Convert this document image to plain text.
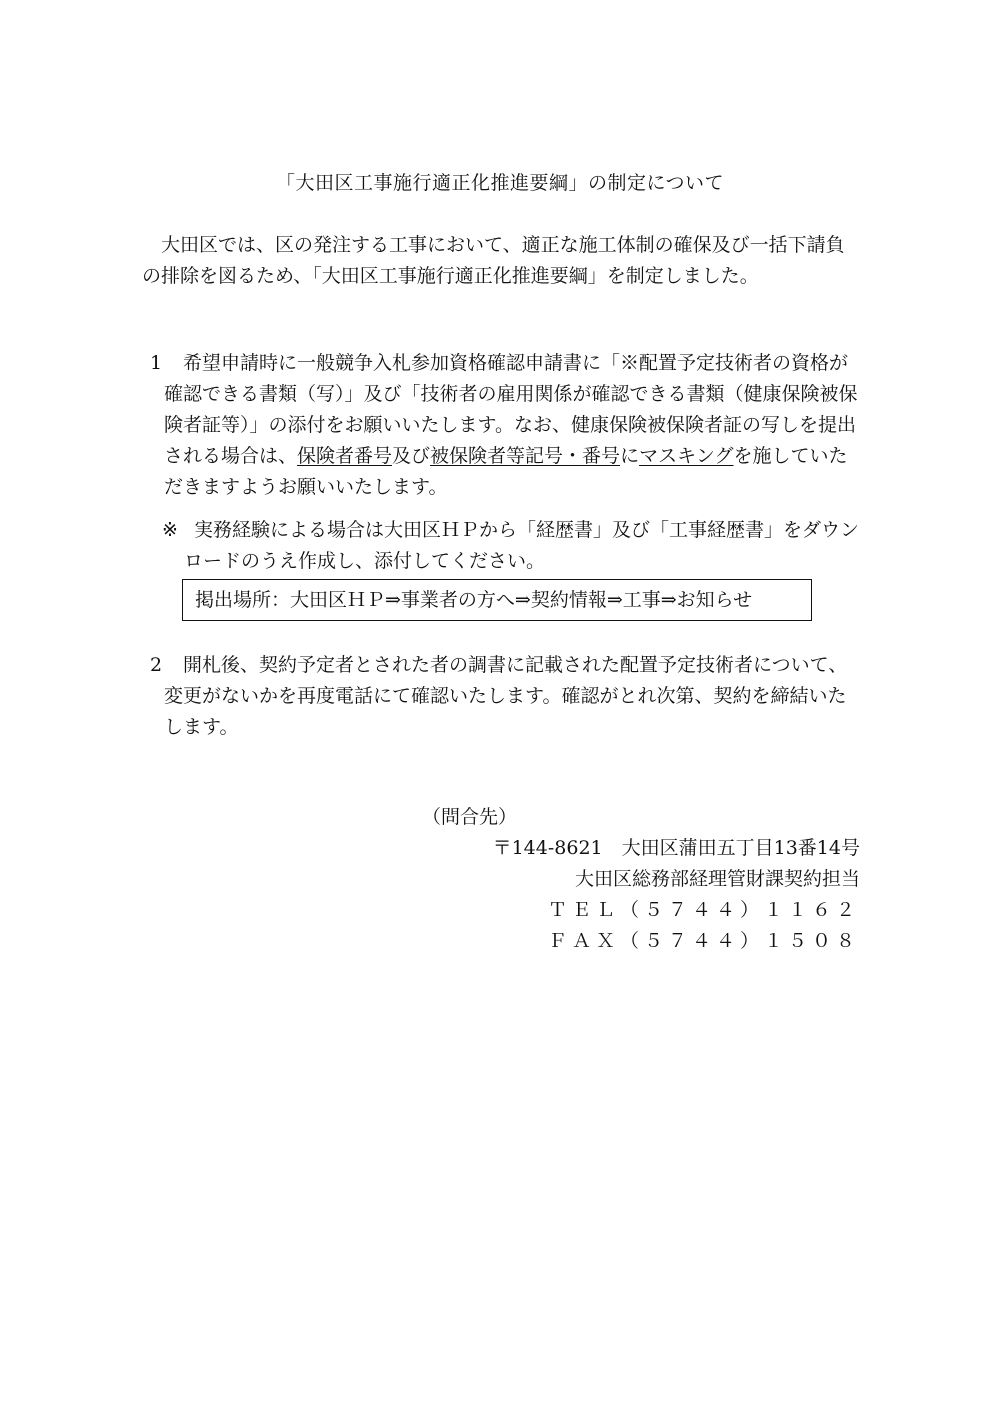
「大田区工事施行適正化推進要綱」の制定について

大田区では、区の発注する工事において、適正な施工体制の確保及び一括下請負の排除を図るため、「大田区工事施行適正化推進要綱」を制定しました。

1	希望申請時に一般競争入札参加資格確認申請書に「※配置予定技術者の資格が確認できる書類（写）」及び「技術者の雇用関係が確認できる書類（健康保険被保険者証等）」の添付をお願いいたします。なお、健康保険被保険者証の写しを提出される場合は、保険者番号及び被保険者等記号・番号にマスキングを施していただきますようお願いいたします。
※ 実務経験による場合は大田区ＨＰから「経歴書」及び「工事経歴書」をダウンロードのうえ作成し、添付してください。
掲出場所：大田区ＨＰ⇒事業者の方へ⇒契約情報⇒工事⇒お知らせ
2	開札後、契約予定者とされた者の調書に記載された配置予定技術者について、変更がないかを再度電話にて確認いたします。確認がとれ次第、契約を締結いたします。
（問合先）
〒144-8621　大田区蒲田五丁目13番14号
大田区総務部経理管財課契約担当
ＴＥＬ（５７４４）１１６２
ＦＡＸ（５７４４）１５０８
